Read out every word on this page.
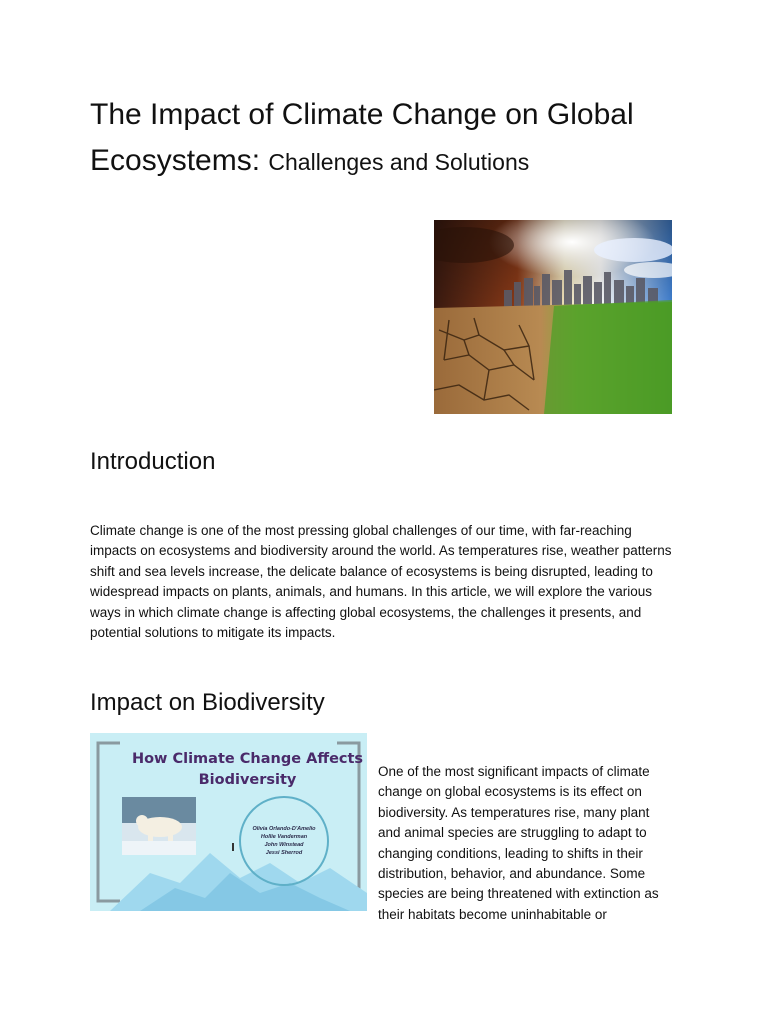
The Impact of Climate Change on Global Ecosystems: Challenges and Solutions
Introduction

Climate change is one of the most pressing global challenges of our time, with far-reaching impacts on ecosystems and biodiversity around the world. As temperatures rise, weather patterns shift and sea levels increase, the delicate balance of ecosystems is being disrupted, leading to widespread impacts on plants, animals, and humans. In this article, we will explore the various ways in which climate change is affecting global ecosystems, the challenges it presents, and potential solutions to mitigate its impacts.

Impact on Biodiversity
How Climate Change Affects Biodiversity
Olivia Orlando-D'Amelio
Hollie Vanderman
John Winstead
Jessi Sherrod

One of the most significant impacts of climate change on global ecosystems is its effect on biodiversity. As temperatures rise, many plant and animal species are struggling to adapt to changing conditions, leading to shifts in their distribution, behavior, and abundance. Some species are being threatened with extinction as their habitats become uninhabitable or
